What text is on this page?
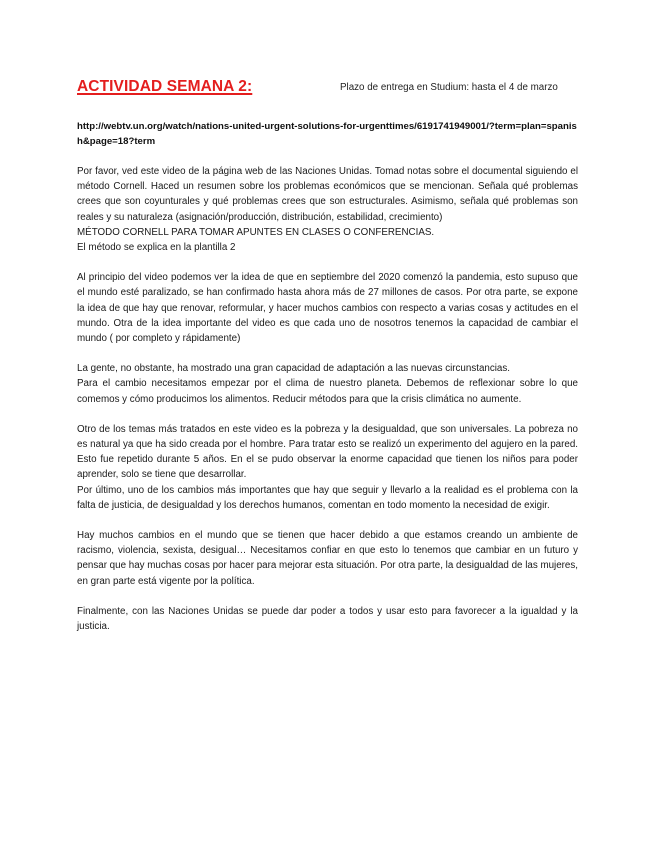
ACTIVIDAD SEMANA 2:	Plazo de entrega en Studium: hasta el 4 de marzo
http://webtv.un.org/watch/nations-united-urgent-solutions-for-urgenttimes/6191741949001/?term=plan=spanish&page=18?term

Por favor, ved este video de la página web de las Naciones Unidas. Tomad notas sobre el documental siguiendo el método Cornell. Haced un resumen sobre los problemas económicos que se mencionan. Señala qué problemas crees que son coyunturales y qué problemas crees que son estructurales. Asimismo, señala qué problemas son reales y su naturaleza (asignación/producción, distribución, estabilidad, crecimiento)

MÉTODO CORNELL PARA TOMAR APUNTES EN CLASES O CONFERENCIAS.

El método se explica en la plantilla 2

Al principio del video podemos ver la idea de que en septiembre del 2020 comenzó la pandemia, esto supuso que el mundo esté paralizado, se han confirmado hasta ahora más de 27 millones de casos. Por otra parte, se expone la idea de que hay que renovar, reformular, y hacer muchos cambios con respecto a varias cosas y actitudes en el mundo. Otra de la idea importante del video es que cada uno de nosotros tenemos la capacidad de cambiar el mundo ( por completo y rápidamente)

La gente, no obstante, ha mostrado una gran capacidad de adaptación a las nuevas circunstancias.

Para el cambio necesitamos empezar por el clima de nuestro planeta. Debemos de reflexionar sobre lo que comemos y cómo producimos los alimentos. Reducir métodos para que la crisis climática no aumente.

Otro de los temas más tratados en este video es la pobreza y la desigualdad, que son universales. La pobreza no es natural ya que ha sido creada por el hombre. Para tratar esto se realizó un experimento del agujero en la pared. Esto fue repetido durante 5 años. En el se pudo observar la enorme capacidad que tienen los niños para poder aprender, solo se tiene que desarrollar.

Por último, uno de los cambios más importantes que hay que seguir y llevarlo a la realidad es el problema con la falta de justicia, de desigualdad y los derechos humanos, comentan en todo momento la necesidad de exigir.

Hay muchos cambios en el mundo que se tienen que hacer debido a que estamos creando un ambiente de racismo, violencia, sexista, desigual… Necesitamos confiar en que esto lo tenemos que cambiar en un futuro y pensar que hay muchas cosas por hacer para mejorar esta situación. Por otra parte, la desigualdad de las mujeres, en gran parte está vigente por la política.

Finalmente, con las Naciones Unidas se puede dar poder a todos y usar esto para favorecer a la igualdad y la justicia.
